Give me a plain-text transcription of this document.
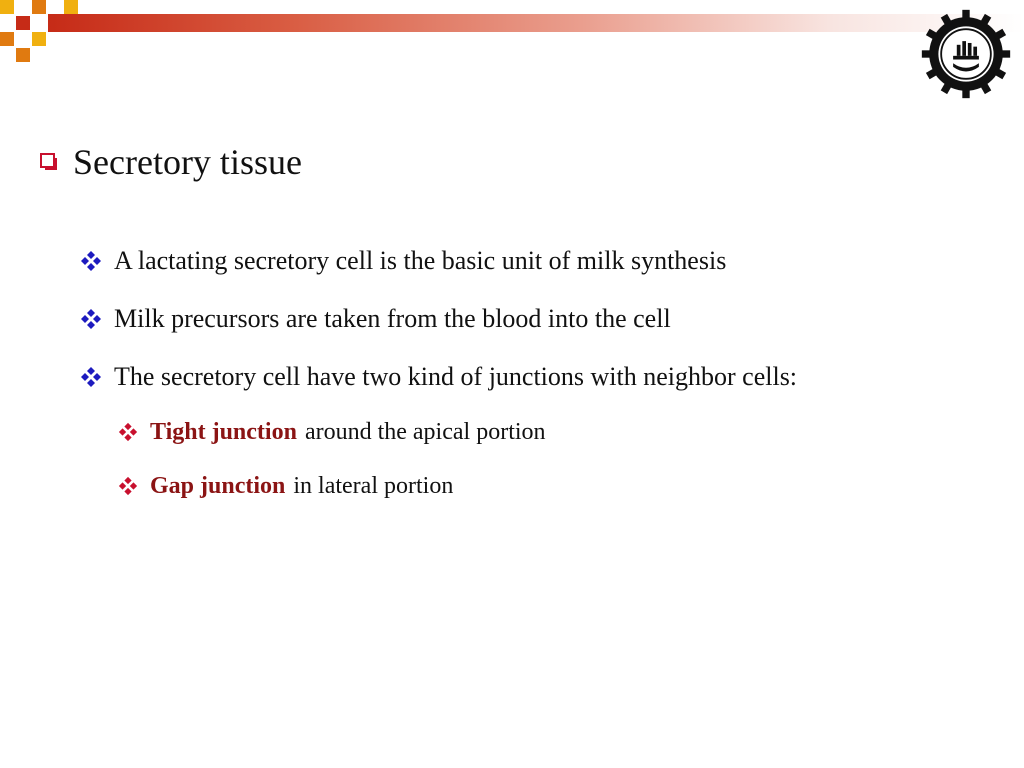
Secretory tissue
A lactating secretory cell is the basic unit of milk synthesis
Milk precursors are taken from the blood into the cell
The secretory cell have two kind of junctions with neighbor cells:
Tight junction around the apical portion
Gap junction in lateral portion
